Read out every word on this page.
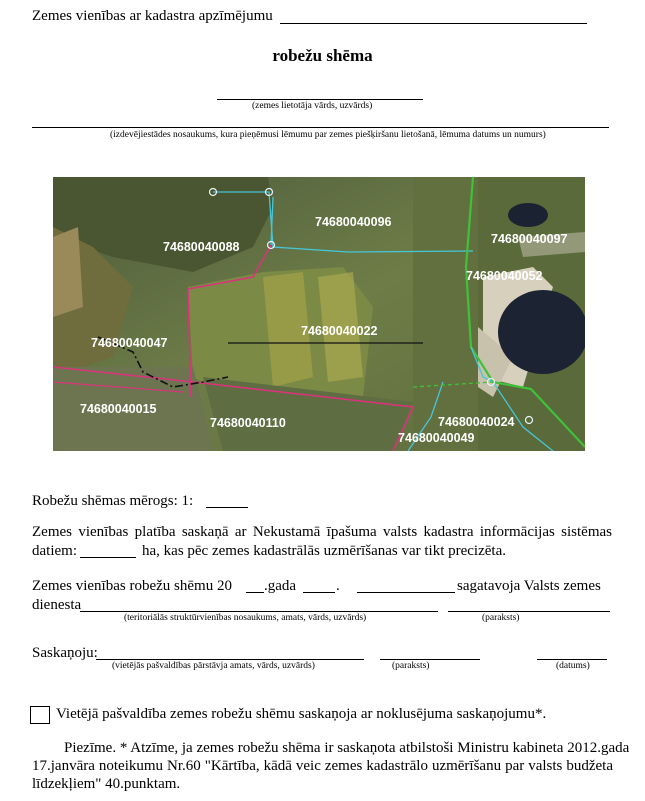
Zemes vienības ar kadastra apzīmējumu
robežu shēma
(zemes lietotāja vārds, uzvārds)
(izdevējiestādes nosaukums, kura pieņēmusi lēmumu par zemes piešķiršanu lietošanā, lēmuma datums un numurs)
74680040096
74680040088
74680040097
74680040052
74680040022
74680040047
74680040015
74680040110	74680040024
74680040049
Robežu shēmas mērogs: 1:
Zemes vienības platība saskaņā ar Nekustamā īpašuma valsts kadastra informācijas sistēmas
datiem:	ha, kas pēc zemes kadastrālās uzmērīšanas var tikt precizēta.
Zemes vienības robežu shēmu 20 .gada	.	sagatavoja Valsts zemes
dienesta
(teritoriālās struktūrvienības nosaukums, amats, vārds, uzvārds)	(paraksts)
Saskaņoju:
(vietējās pašvaldības pārstāvja amats, vārds, uzvārds)	(paraksts)	(datums)
Vietējā pašvaldība zemes robežu shēmu saskaņoja ar noklusējuma saskaņojumu*.
Piezīme. * Atzīme, ja zemes robežu shēma ir saskaņota atbilstoši Ministru kabineta 2012.gada
17.janvāra noteikumu Nr.60 "Kārtība, kādā veic zemes kadastrālo uzmērīšanu par valsts budžeta
līdzekļiem" 40.punktam.
